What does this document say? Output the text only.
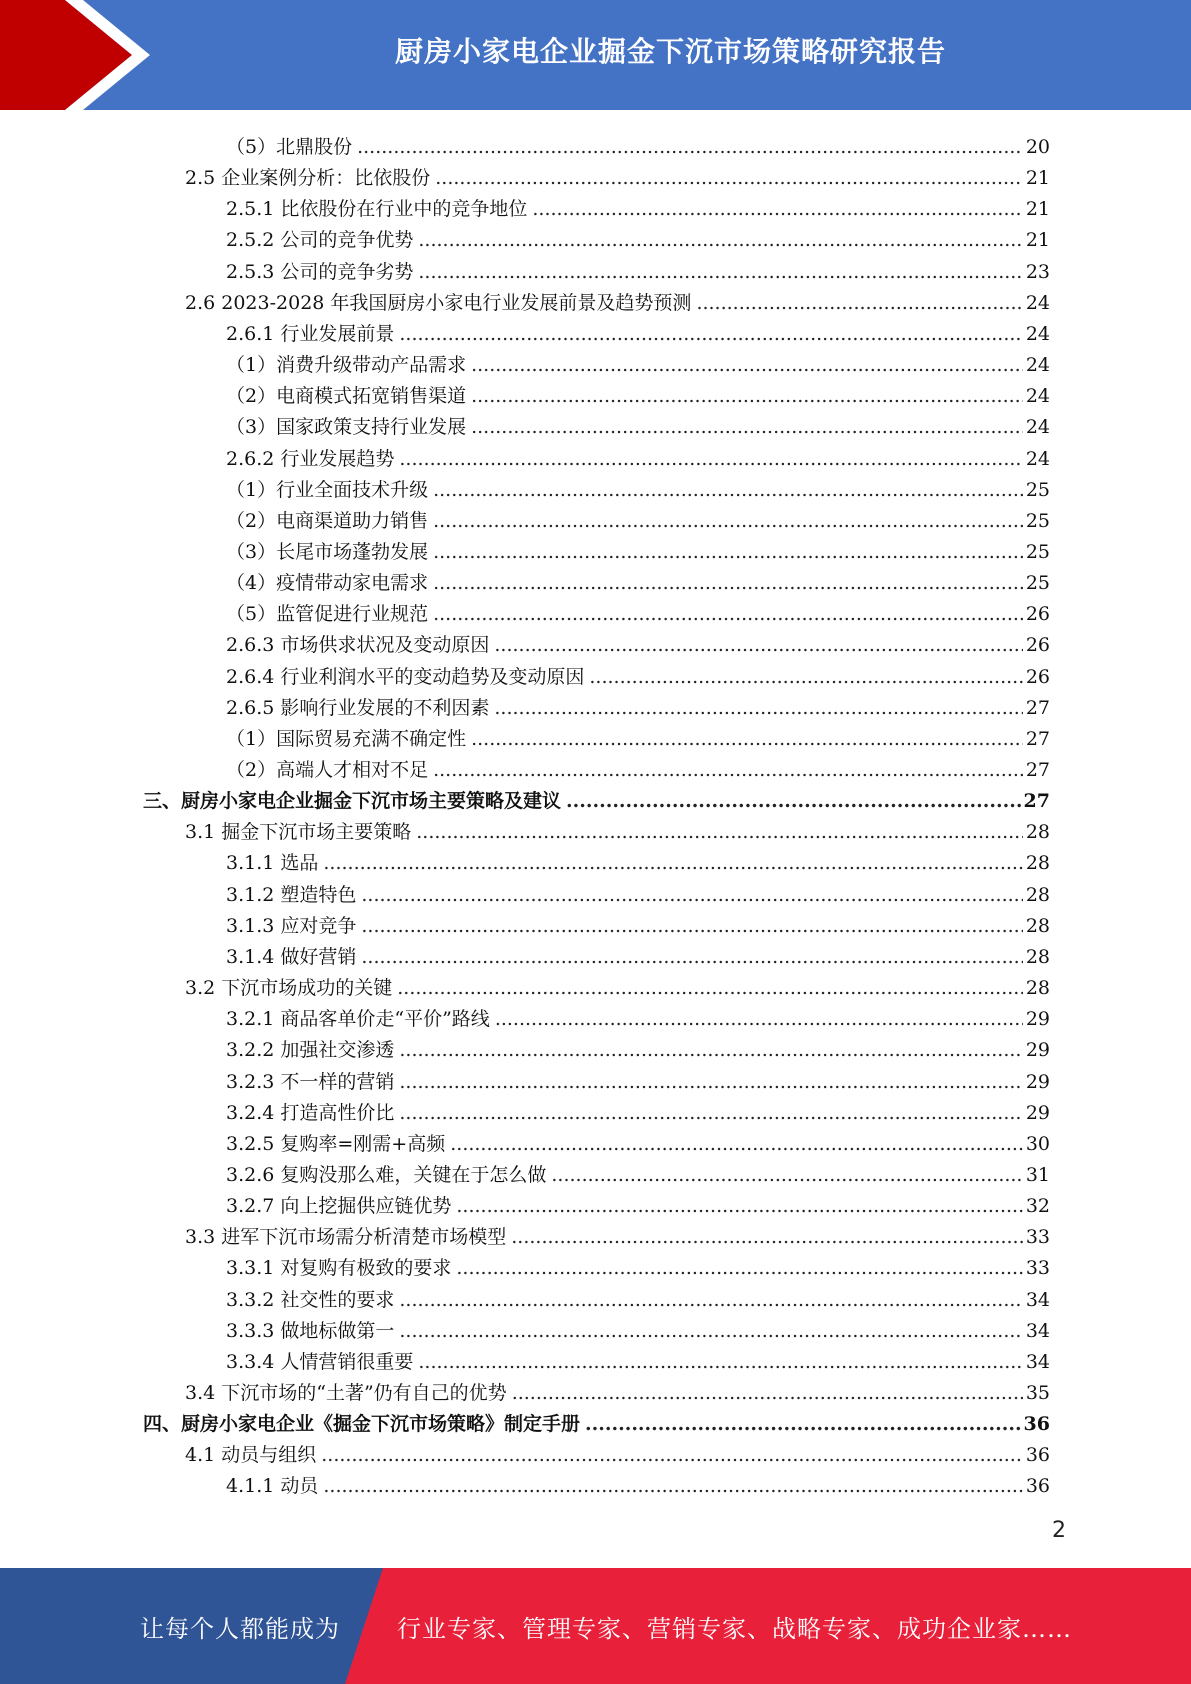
厨房小家电企业掘金下沉市场策略研究报告
（5）北鼎股份 .....	20
2.5 企业案例分析：比依股份 .....	21
2.5.1 比依股份在行业中的竞争地位 .....	21
2.5.2 公司的竞争优势 .....	21
2.5.3 公司的竞争劣势 .....	23
2.6 2023-2028 年我国厨房小家电行业发展前景及趋势预测 .....	24
2.6.1 行业发展前景 .....	24
（1）消费升级带动产品需求 .....	24
（2）电商模式拓宽销售渠道 .....	24
（3）国家政策支持行业发展 .....	24
2.6.2 行业发展趋势 .....	24
（1）行业全面技术升级 .....	25
（2）电商渠道助力销售 .....	25
（3）长尾市场蓬勃发展 .....	25
（4）疫情带动家电需求 .....	25
（5）监管促进行业规范 .....	26
2.6.3 市场供求状况及变动原因 .....	26
2.6.4 行业利润水平的变动趋势及变动原因 .....	26
2.6.5 影响行业发展的不利因素 .....	27
（1）国际贸易充满不确定性 .....	27
（2）高端人才相对不足 .....	27
三、厨房小家电企业掘金下沉市场主要策略及建议 .....	27
3.1 掘金下沉市场主要策略 .....	28
3.1.1 选品 .....	28
3.1.2 塑造特色 .....	28
3.1.3 应对竞争 .....	28
3.1.4 做好营销 .....	28
3.2 下沉市场成功的关键 .....	28
3.2.1 商品客单价走“平价”路线 .....	29
3.2.2 加强社交渗透 .....	29
3.2.3 不一样的营销 .....	29
3.2.4 打造高性价比 .....	29
3.2.5 复购率=刚需+高频 .....	30
3.2.6 复购没那么难，关键在于怎么做 .....	31
3.2.7 向上挖掘供应链优势 .....	32
3.3 进军下沉市场需分析清楚市场模型 .....	33
3.3.1 对复购有极致的要求 .....	33
3.3.2 社交性的要求 .....	34
3.3.3 做地标做第一 .....	34
3.3.4 人情营销很重要 .....	34
3.4 下沉市场的“土著”仍有自己的优势 .....	35
四、厨房小家电企业《掘金下沉市场策略》制定手册 .....	36
4.1 动员与组织 .....	36
4.1.1 动员 .....	36
2
让每个人都能成为 行业专家、管理专家、营销专家、战略专家、成功企业家……
